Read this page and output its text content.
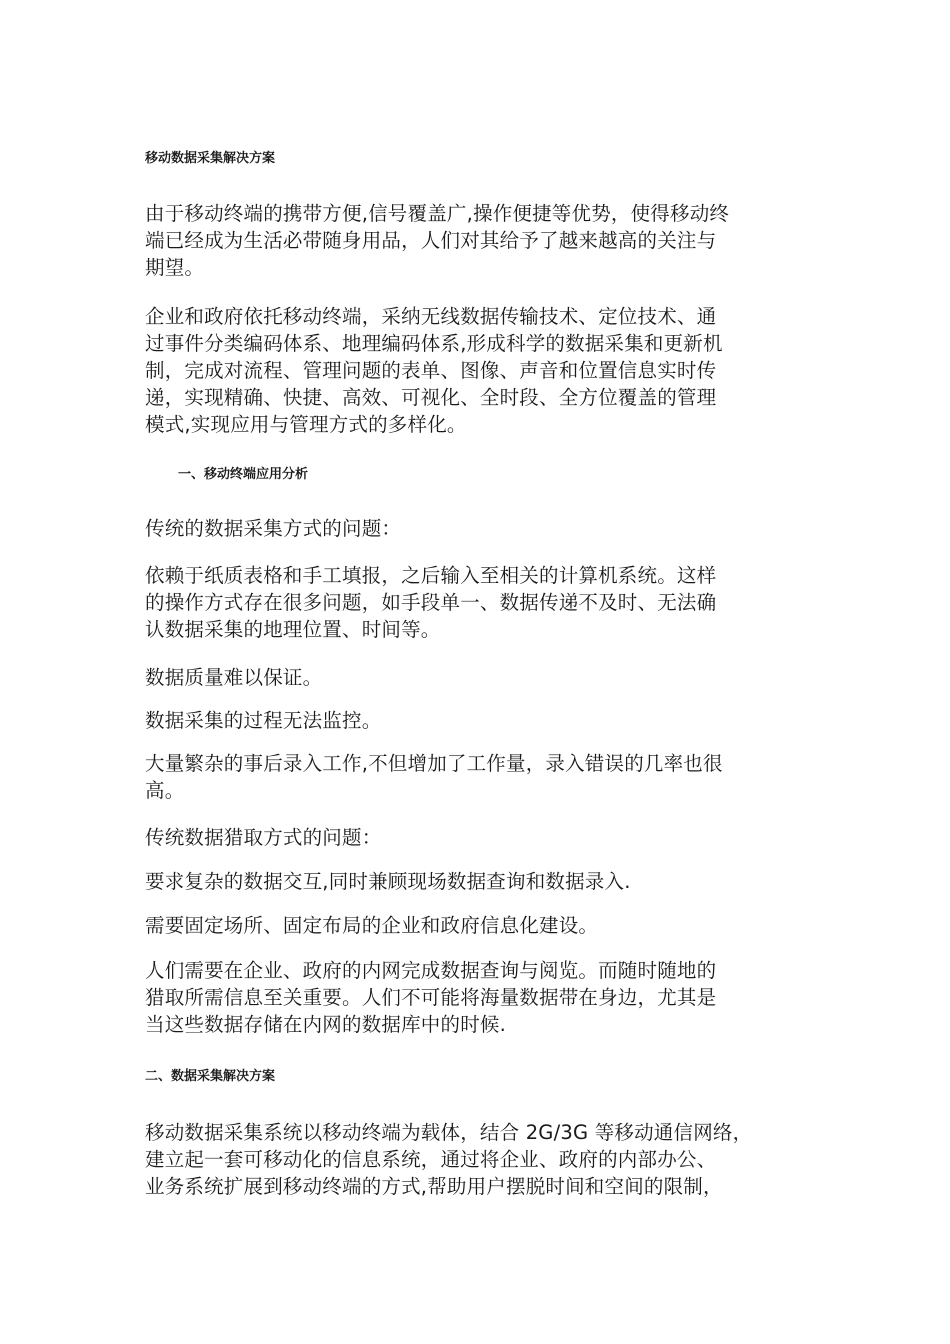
移动数据采集解决方案
由于移动终端的携带方便,信号覆盖广,操作便捷等优势，使得移动终
端已经成为生活必带随身用品，人们对其给予了越来越高的关注与
期望。
企业和政府依托移动终端，采纳无线数据传输技术、定位技术、通
过事件分类编码体系、地理编码体系,形成科学的数据采集和更新机
制，完成对流程、管理问题的表单、图像、声音和位置信息实时传
递，实现精确、快捷、高效、可视化、全时段、全方位覆盖的管理
模式,实现应用与管理方式的多样化。
一、移动终端应用分析
传统的数据采集方式的问题：
依赖于纸质表格和手工填报，之后输入至相关的计算机系统。这样
的操作方式存在很多问题，如手段单一、数据传递不及时、无法确
认数据采集的地理位置、时间等。
数据质量难以保证。
数据采集的过程无法监控。
大量繁杂的事后录入工作,不但增加了工作量，录入错误的几率也很
高。
传统数据猎取方式的问题：
要求复杂的数据交互,同时兼顾现场数据查询和数据录入.
需要固定场所、固定布局的企业和政府信息化建设。
人们需要在企业、政府的内网完成数据查询与阅览。而随时随地的
猎取所需信息至关重要。人们不可能将海量数据带在身边，尤其是
当这些数据存储在内网的数据库中的时候.
二、数据采集解决方案
移动数据采集系统以移动终端为载体，结合 2G/3G 等移动通信网络，
建立起一套可移动化的信息系统，通过将企业、政府的内部办公、
业务系统扩展到移动终端的方式,帮助用户摆脱时间和空间的限制，
